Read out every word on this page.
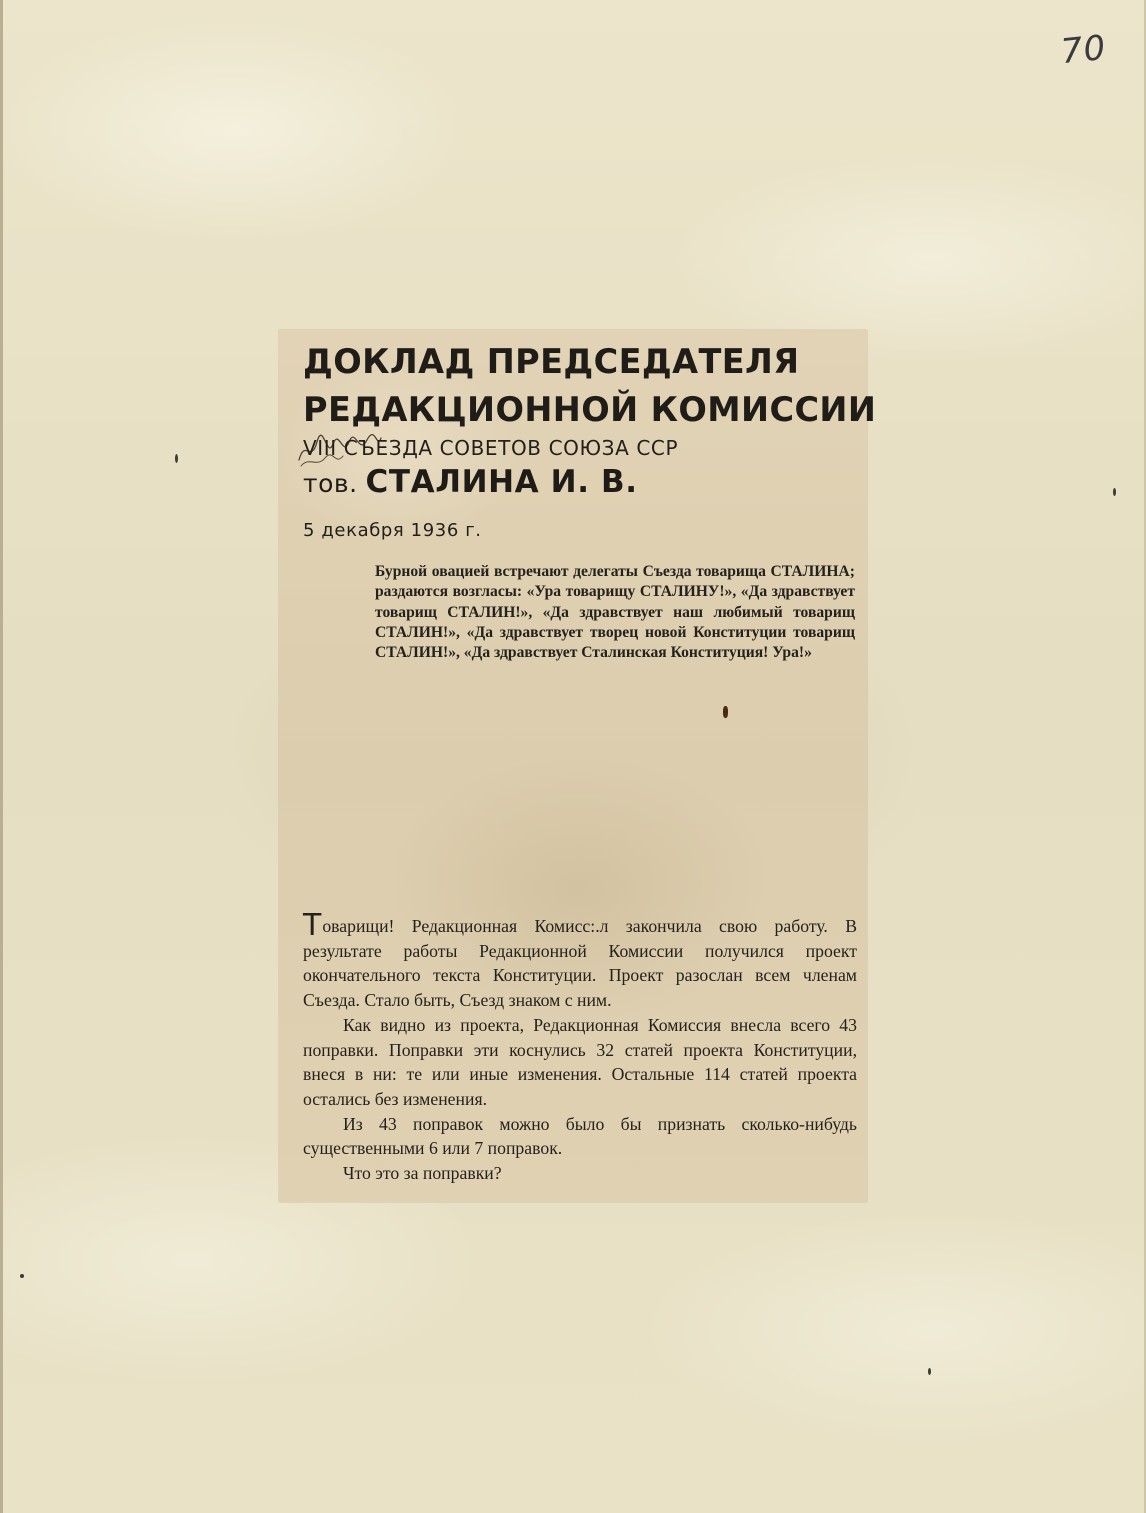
70
ДОКЛАД ПРЕДСЕДАТЕЛЯ
РЕДАКЦИОННОЙ КОМИССИИ
VIII СЪЕЗДА СОВЕТОВ СОЮЗА ССР
тов. СТАЛИНА И. В.
5 декабря 1936 г.

Бурной овацией встречают делегаты Съезда товарища СТАЛИНА; раздаются возгласы: «Ура товарищу СТАЛИНУ!», «Да здравствует товарищ СТАЛИН!», «Да здравствует наш любимый товарищ СТАЛИН!», «Да здравствует творец новой Конституции товарищ СТАЛИН!», «Да здравствует Сталинская Конституция! Ура!»

Товарищи! Редакционная Комисс:.л закончила свою работу. В результате работы Редакционной Комиссии получился проект окончательного текста Конституции. Проект разослан всем членам Съезда. Стало быть, Съезд знаком с ним.

Как видно из проекта, Редакционная Комиссия внесла всего 43 поправки. Поправки эти коснулись 32 статей проекта Конституции, внеся в ни: те или иные изменения. Остальные 114 статей проекта остались без изменения.

Из 43 поправок можно было бы признать сколько-нибудь существенными 6 или 7 поправок.

Что это за поправки?
